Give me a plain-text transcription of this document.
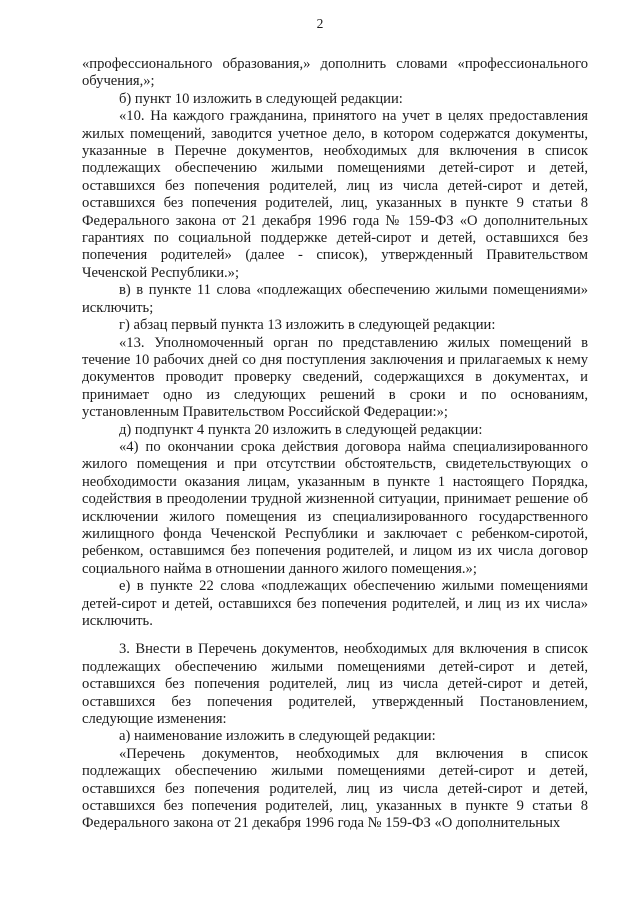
2

«профессионального образования,» дополнить словами «профессионального обучения,»;

б) пункт 10 изложить в следующей редакции:

«10. На каждого гражданина, принятого на учет в целях предоставления жилых помещений, заводится учетное дело, в котором содержатся документы, указанные в Перечне документов, необходимых для включения в список подлежащих обеспечению жилыми помещениями детей-сирот и детей, оставшихся без попечения родителей, лиц из числа детей-сирот и детей, оставшихся без попечения родителей, лиц, указанных в пункте 9 статьи 8 Федерального закона от 21 декабря 1996 года № 159-ФЗ «О дополнительных гарантиях по социальной поддержке детей-сирот и детей, оставшихся без попечения родителей» (далее - список), утвержденный Правительством Чеченской Республики.»;

в) в пункте 11 слова «подлежащих обеспечению жилыми помещениями» исключить;

г) абзац первый пункта 13 изложить в следующей редакции:

«13. Уполномоченный орган по представлению жилых помещений в течение 10 рабочих дней со дня поступления заключения и прилагаемых к нему документов проводит проверку сведений, содержащихся в документах, и принимает одно из следующих решений в сроки и по основаниям, установленным Правительством Российской Федерации:»;

д) подпункт 4 пункта 20 изложить в следующей редакции:

«4) по окончании срока действия договора найма специализированного жилого помещения и при отсутствии обстоятельств, свидетельствующих о необходимости оказания лицам, указанным в пункте 1 настоящего Порядка, содействия в преодолении трудной жизненной ситуации, принимает решение об исключении жилого помещения из специализированного государственного жилищного фонда Чеченской Республики и заключает с ребенком-сиротой, ребенком, оставшимся без попечения родителей, и лицом из их числа договор социального найма в отношении данного жилого помещения.»;

е) в пункте 22 слова «подлежащих обеспечению жилыми помещениями детей-сирот и детей, оставшихся без попечения родителей, и лиц из их числа» исключить.

3. Внести в Перечень документов, необходимых для включения в список подлежащих обеспечению жилыми помещениями детей-сирот и детей, оставшихся без попечения родителей, лиц из числа детей-сирот и детей, оставшихся без попечения родителей, утвержденный Постановлением, следующие изменения:

а) наименование изложить в следующей редакции:

«Перечень документов, необходимых для включения в список подлежащих обеспечению жилыми помещениями детей-сирот и детей, оставшихся без попечения родителей, лиц из числа детей-сирот и детей, оставшихся без попечения родителей, лиц, указанных в пункте 9 статьи 8 Федерального закона от 21 декабря 1996 года № 159-ФЗ «О дополнительных
